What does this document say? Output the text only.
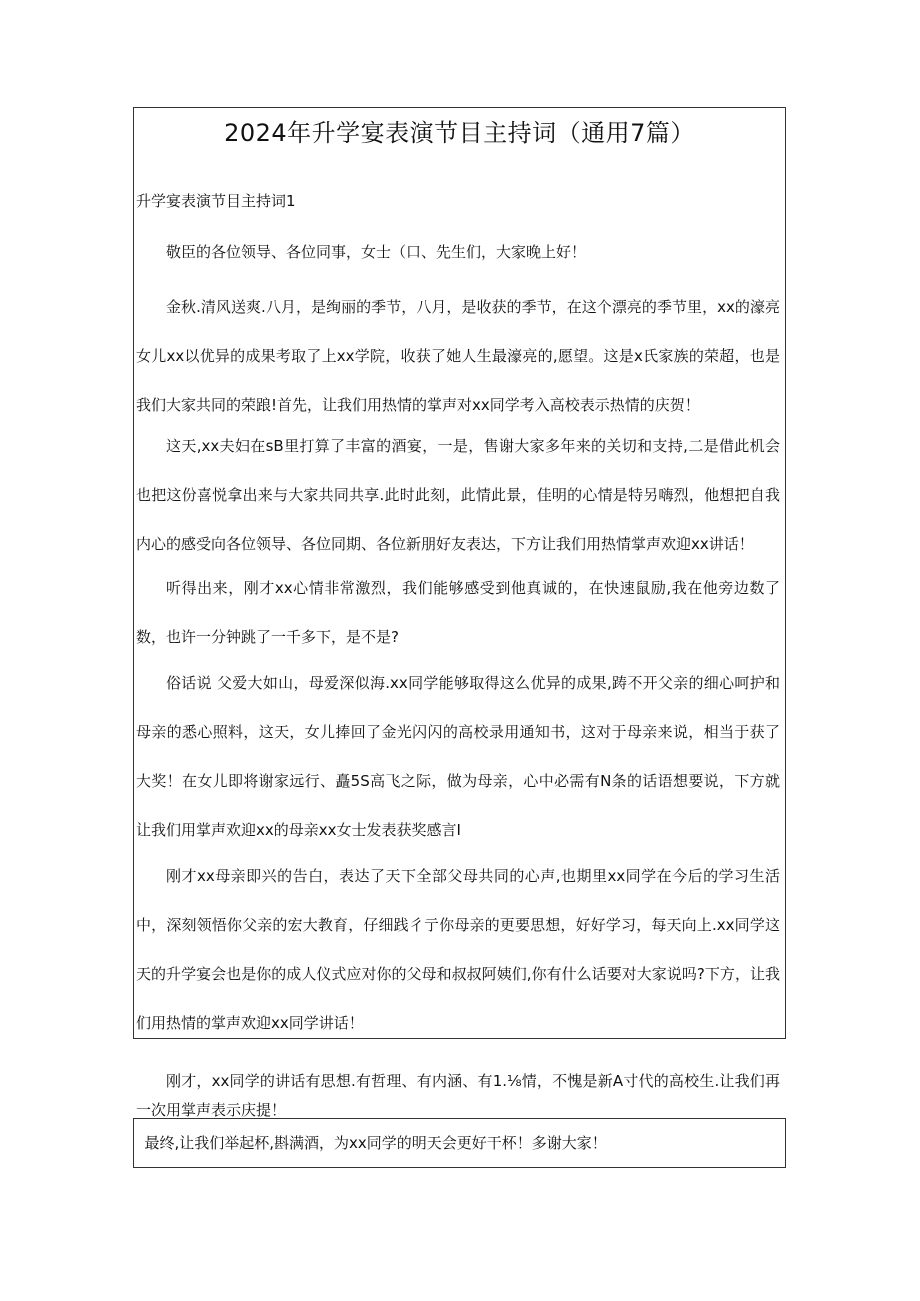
2024年升学宴表演节目主持词（通用7篇）

升学宴表演节目主持词1

敬臣的各位领导、各位同事，女士（口、先生们，大家晚上好！

金秋.清风送爽.八月，是绚丽的季节，八月，是收获的季节，在这个漂亮的季节里，xx的濠亮女儿xx以优异的成果考取了上xx学院，收获了她人生最濠亮的,愿望。这是x氏家族的荣超，也是我们大家共同的荣踉!首先，让我们用热情的掌声对xx同学考入高校表示热情的庆贺！

这天,xx夫妇在sB里打算了丰富的酒宴，一是，售谢大家多年来的关切和支持,二是借此机会也把这份喜悦拿出来与大家共同共享.此时此刻，此情此景，佳明的心情是特另嗨烈，他想把自我内心的感受向各位领导、各位同期、各位新朋好友表达，下方让我们用热情掌声欢迎xx讲话！

听得出来，刚才xx心情非常激烈，我们能够感受到他真诚的，在快速鼠励,我在他旁边数了数，也许一分钟跳了一千多下，是不是?

俗话说 父爱大如山，母爱深似海.xx同学能够取得这么优异的成果,踌不开父亲的细心呵护和母亲的悉心照料，这天，女儿捧回了金光闪闪的高校录用通知书，这对于母亲来说，相当于获了大奖！在女儿即将谢家远行、矗5S高飞之际，做为母亲，心中必需有N条的话语想要说，下方就让我们用掌声欢迎xx的母亲xx女士发表获奖感言I

刚才xx母亲即兴的告白，表达了天下全部父母共同的心声,也期里xx同学在今后的学习生活中，深刻领悟你父亲的宏大教育，仔细践彳亍你母亲的更要思想，好好学习，每天向上.xx同学这天的升学宴会也是你的成人仪式应对你的父母和叔叔阿姨们,你有什么话要对大家说吗?下方，让我们用热情的掌声欢迎xx同学讲话！

刚才，xx同学的讲话有思想.有哲理、有内涵、有1.⅛情，不愧是新A寸代的高校生.让我们再一次用掌声表示庆提！

最终,让我们举起杯,斟满酒，为xx同学的明天会更好干杯！多谢大家！
